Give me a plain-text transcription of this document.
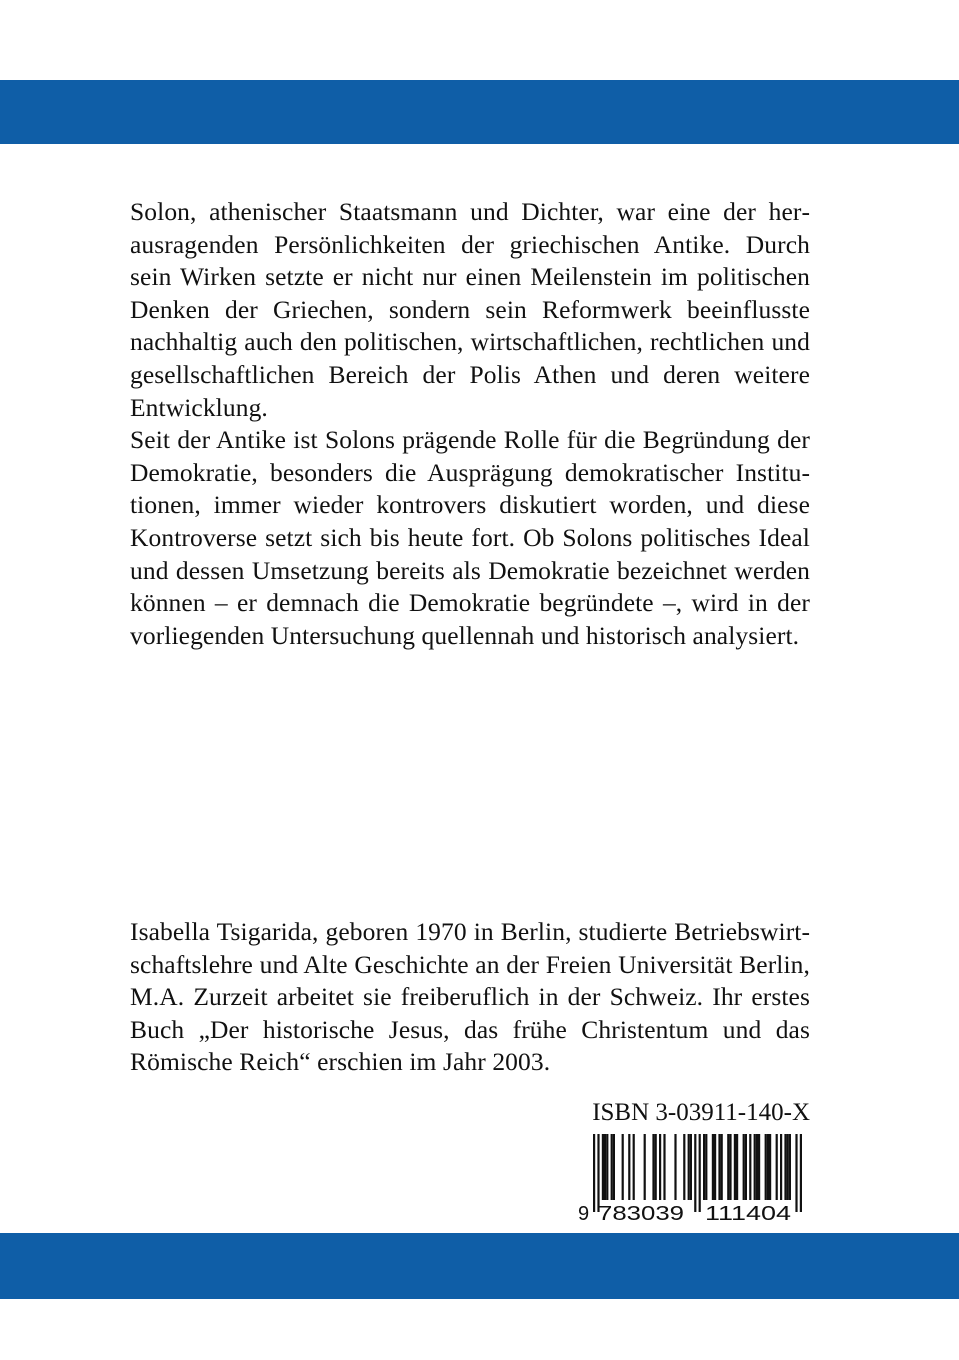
Solon, athenischer Staatsmann und Dichter, war eine der herausragenden Persönlichkeiten der griechischen Antike. Durch sein Wirken setzte er nicht nur einen Meilenstein im politischen Denken der Griechen, sondern sein Reformwerk beeinflusste nachhaltig auch den politischen, wirtschaftlichen, rechtlichen und gesellschaftlichen Bereich der Polis Athen und deren weitere Entwicklung.

Seit der Antike ist Solons prägende Rolle für die Begründung der Demokratie, besonders die Ausprägung demokratischer Institutionen, immer wieder kontrovers diskutiert worden, und diese Kontroverse setzt sich bis heute fort. Ob Solons politisches Ideal und dessen Umsetzung bereits als Demokratie bezeichnet werden können – er demnach die Demokratie begründete –, wird in der vorliegenden Untersuchung quellennah und historisch analysiert.

Isabella Tsigarida, geboren 1970 in Berlin, studierte Betriebswirtschaftslehre und Alte Geschichte an der Freien Universität Berlin, M.A. Zurzeit arbeitet sie freiberuflich in der Schweiz. Ihr erstes Buch „Der historische Jesus, das frühe Christentum und das Römische Reich“ erschien im Jahr 2003.

ISBN 3-03911-140-X
9 783039 111404
